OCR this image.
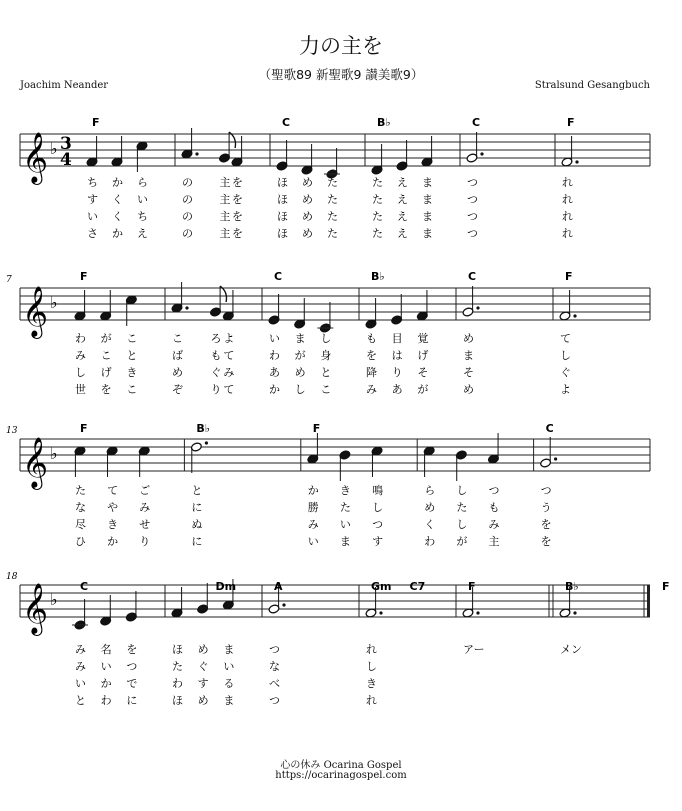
力の主を
（聖歌89 新聖歌9 讃美歌9）
Joachim Neander	Stralsund Gesangbuch
𝄞 ♭ 3
4
F	C	B♭	C	F
ち か ら	の 主 を	ほ め た	た え ま	つ	れ
す く い	の 主 を	ほ め た	た え ま	つ	れ
い く ち	の 主 を	ほ め た	た え ま	つ	れ
さ か え	の 主 を	ほ め た	た え ま	つ	れ
𝄞 ♭
7	F	C	B♭	C	F
わ が こ	こ	ろ よ	い ま し	も 目 覚	め	て
み こ と	ば	も て	わ が 身	を は げ	ま	し
し げ き	め	ぐ み	あ め と	降 り そ	そ	ぐ
世 を こ	ぞ	り て	か し こ	み あ が	め	よ
𝄞 ♭
13	F	B♭	F	C
た て ご	と	か き 鳴	ら し つ	つ
な や み	に	勝 た し	め た も	う
尽 き せ	ぬ	み い つ	く し み	を
ひ か り	に	い ま す	わ が 主	を
𝄞 ♭
18
C	Dm	A	Gm C7	F	B♭	F
み 名 を	ほ め ま	つ	れ	アー	メン
み い つ	た ぐ い	な	し
い か で	わ す る	べ	き
と わ に	ほ め ま	つ	れ
心の休み Ocarina Gospel
https://ocarinagospel.com
